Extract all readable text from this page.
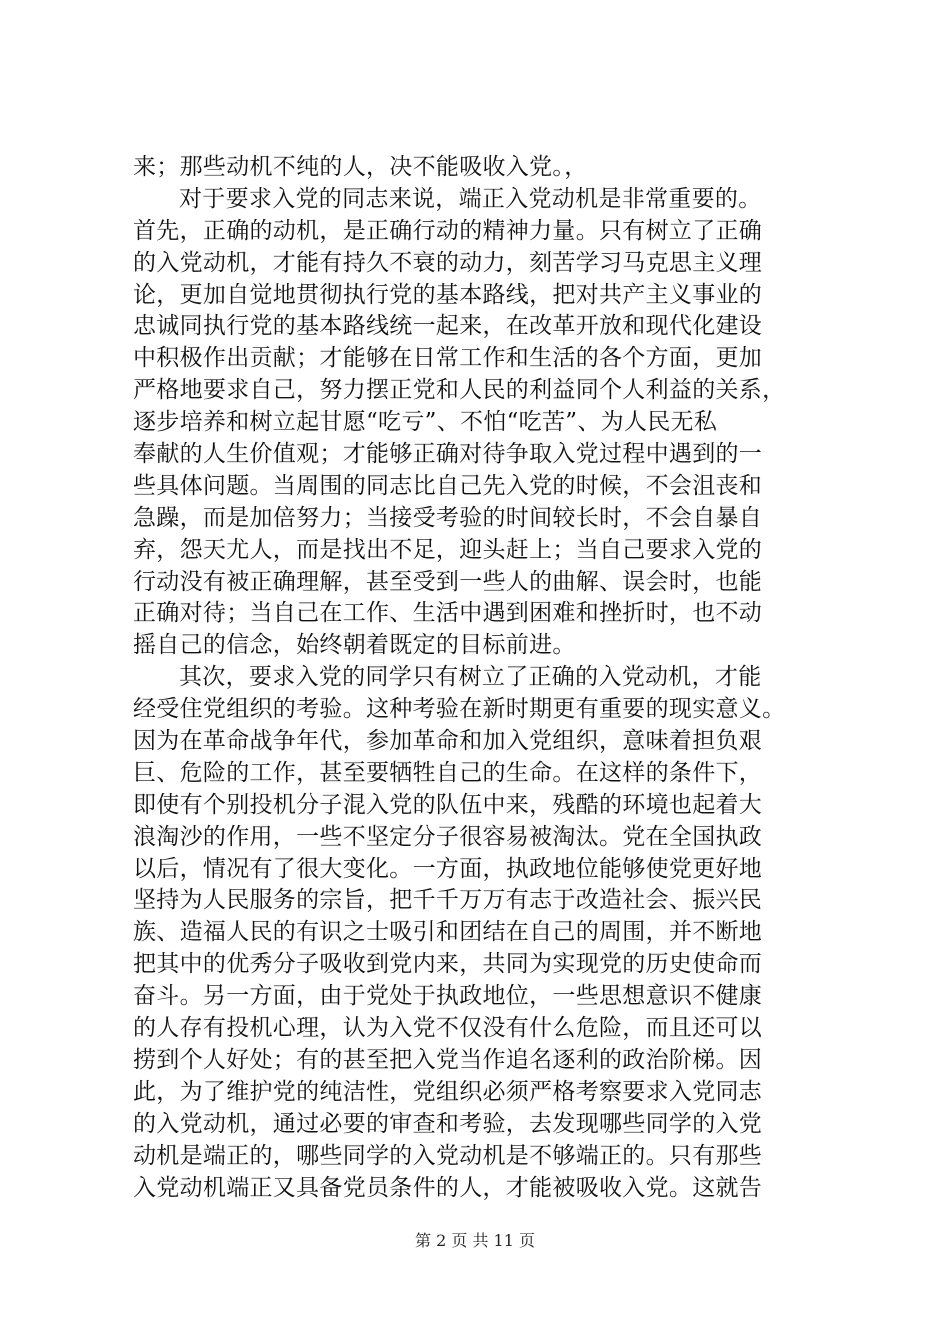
来；那些动机不纯的人，决不能吸收入党。，
对于要求入党的同志来说，端正入党动机是非常重要的。
首先，正确的动机，是正确行动的精神力量。只有树立了正确
的入党动机，才能有持久不衰的动力，刻苦学习马克思主义理
论，更加自觉地贯彻执行党的基本路线，把对共产主义事业的
忠诚同执行党的基本路线统一起来，在改革开放和现代化建设
中积极作出贡献；才能够在日常工作和生活的各个方面，更加
严格地要求自己，努力摆正党和人民的利益同个人利益的关系，
逐步培养和树立起甘愿“吃亏”、不怕“吃苦”、为人民无私
奉献的人生价值观；才能够正确对待争取入党过程中遇到的一
些具体问题。当周围的同志比自己先入党的时候，不会沮丧和
急躁，而是加倍努力；当接受考验的时间较长时，不会自暴自
弃，怨天尤人，而是找出不足，迎头赶上；当自己要求入党的
行动没有被正确理解，甚至受到一些人的曲解、误会时，也能
正确对待；当自己在工作、生活中遇到困难和挫折时，也不动
摇自己的信念，始终朝着既定的目标前进。
其次，要求入党的同学只有树立了正确的入党动机，才能
经受住党组织的考验。这种考验在新时期更有重要的现实意义。
因为在革命战争年代，参加革命和加入党组织，意味着担负艰
巨、危险的工作，甚至要牺牲自己的生命。在这样的条件下，
即使有个别投机分子混入党的队伍中来，残酷的环境也起着大
浪淘沙的作用，一些不坚定分子很容易被淘汰。党在全国执政
以后，情况有了很大变化。一方面，执政地位能够使党更好地
坚持为人民服务的宗旨，把千千万万有志于改造社会、振兴民
族、造福人民的有识之士吸引和团结在自己的周围，并不断地
把其中的优秀分子吸收到党内来，共同为实现党的历史使命而
奋斗。另一方面，由于党处于执政地位，一些思想意识不健康
的人存有投机心理，认为入党不仅没有什么危险，而且还可以
捞到个人好处；有的甚至把入党当作追名逐利的政治阶梯。因
此，为了维护党的纯洁性，党组织必须严格考察要求入党同志
的入党动机，通过必要的审查和考验，去发现哪些同学的入党
动机是端正的，哪些同学的入党动机是不够端正的。只有那些
入党动机端正又具备党员条件的人，才能被吸收入党。这就告
第 2 页 共 11 页
